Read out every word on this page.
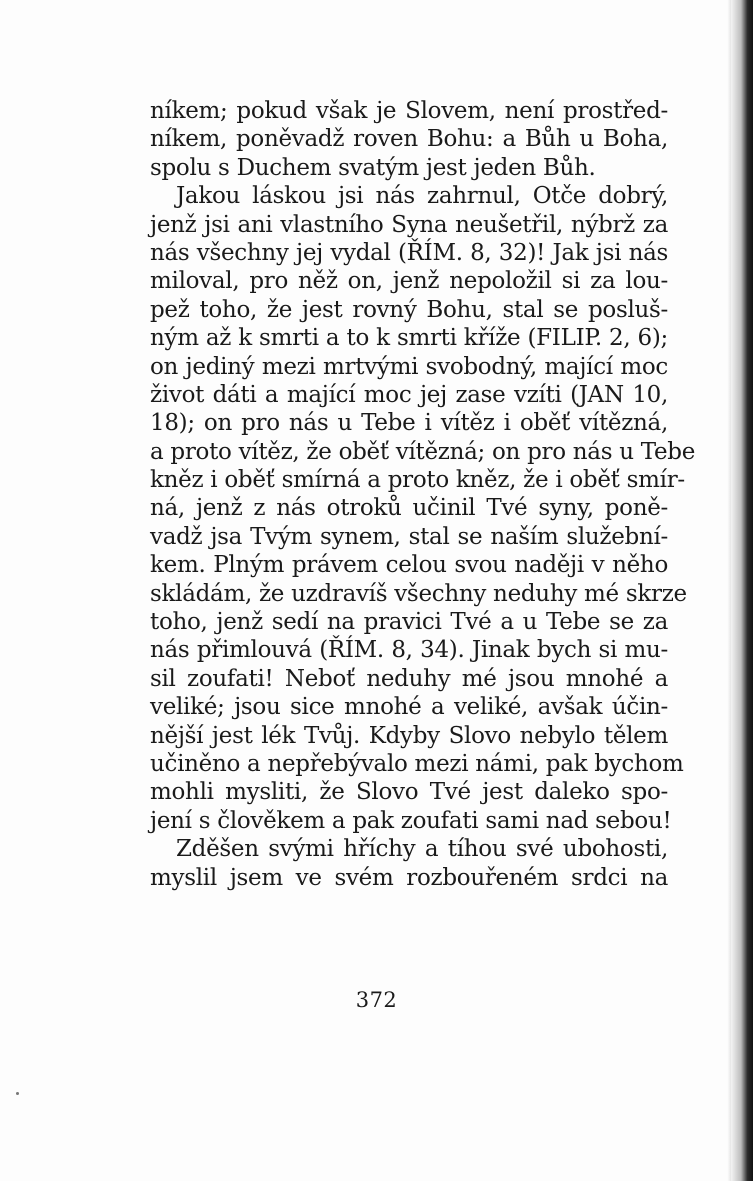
níkem; pokud však je Slovem, není prostřed-
níkem, poněvadž roven Bohu: a Bůh u Boha,
spolu s Duchem svatým jest jeden Bůh.
Jakou láskou jsi nás zahrnul, Otče dobrý,
jenž jsi ani vlastního Syna neušetřil, nýbrž za
nás všechny jej vydal (ŘÍM. 8, 32)! Jak jsi nás
miloval, pro něž on, jenž nepoložil si za lou-
pež toho, že jest rovný Bohu, stal se posluš-
ným až k smrti a to k smrti kříže (FILIP. 2, 6);
on jediný mezi mrtvými svobodný, mající moc
život dáti a mající moc jej zase vzíti (JAN 10,
18); on pro nás u Tebe i vítěz i oběť vítězná,
a proto vítěz, že oběť vítězná; on pro nás u Tebe
kněz i oběť smírná a proto kněz, že i oběť smír-
ná, jenž z nás otroků učinil Tvé syny, poně-
vadž jsa Tvým synem, stal se naším služební-
kem. Plným právem celou svou naději v něho
skládám, že uzdravíš všechny neduhy mé skrze
toho, jenž sedí na pravici Tvé a u Tebe se za
nás přimlouvá (ŘÍM. 8, 34). Jinak bych si mu-
sil zoufati! Neboť neduhy mé jsou mnohé a
veliké; jsou sice mnohé a veliké, avšak účin-
nější jest lék Tvůj. Kdyby Slovo nebylo tělem
učiněno a nepřebývalo mezi námi, pak bychom
mohli mysliti, že Slovo Tvé jest daleko spo-
jení s člověkem a pak zoufati sami nad sebou!
Zděšen svými hříchy a tíhou své ubohosti,
myslil jsem ve svém rozbouřeném srdci na
372
